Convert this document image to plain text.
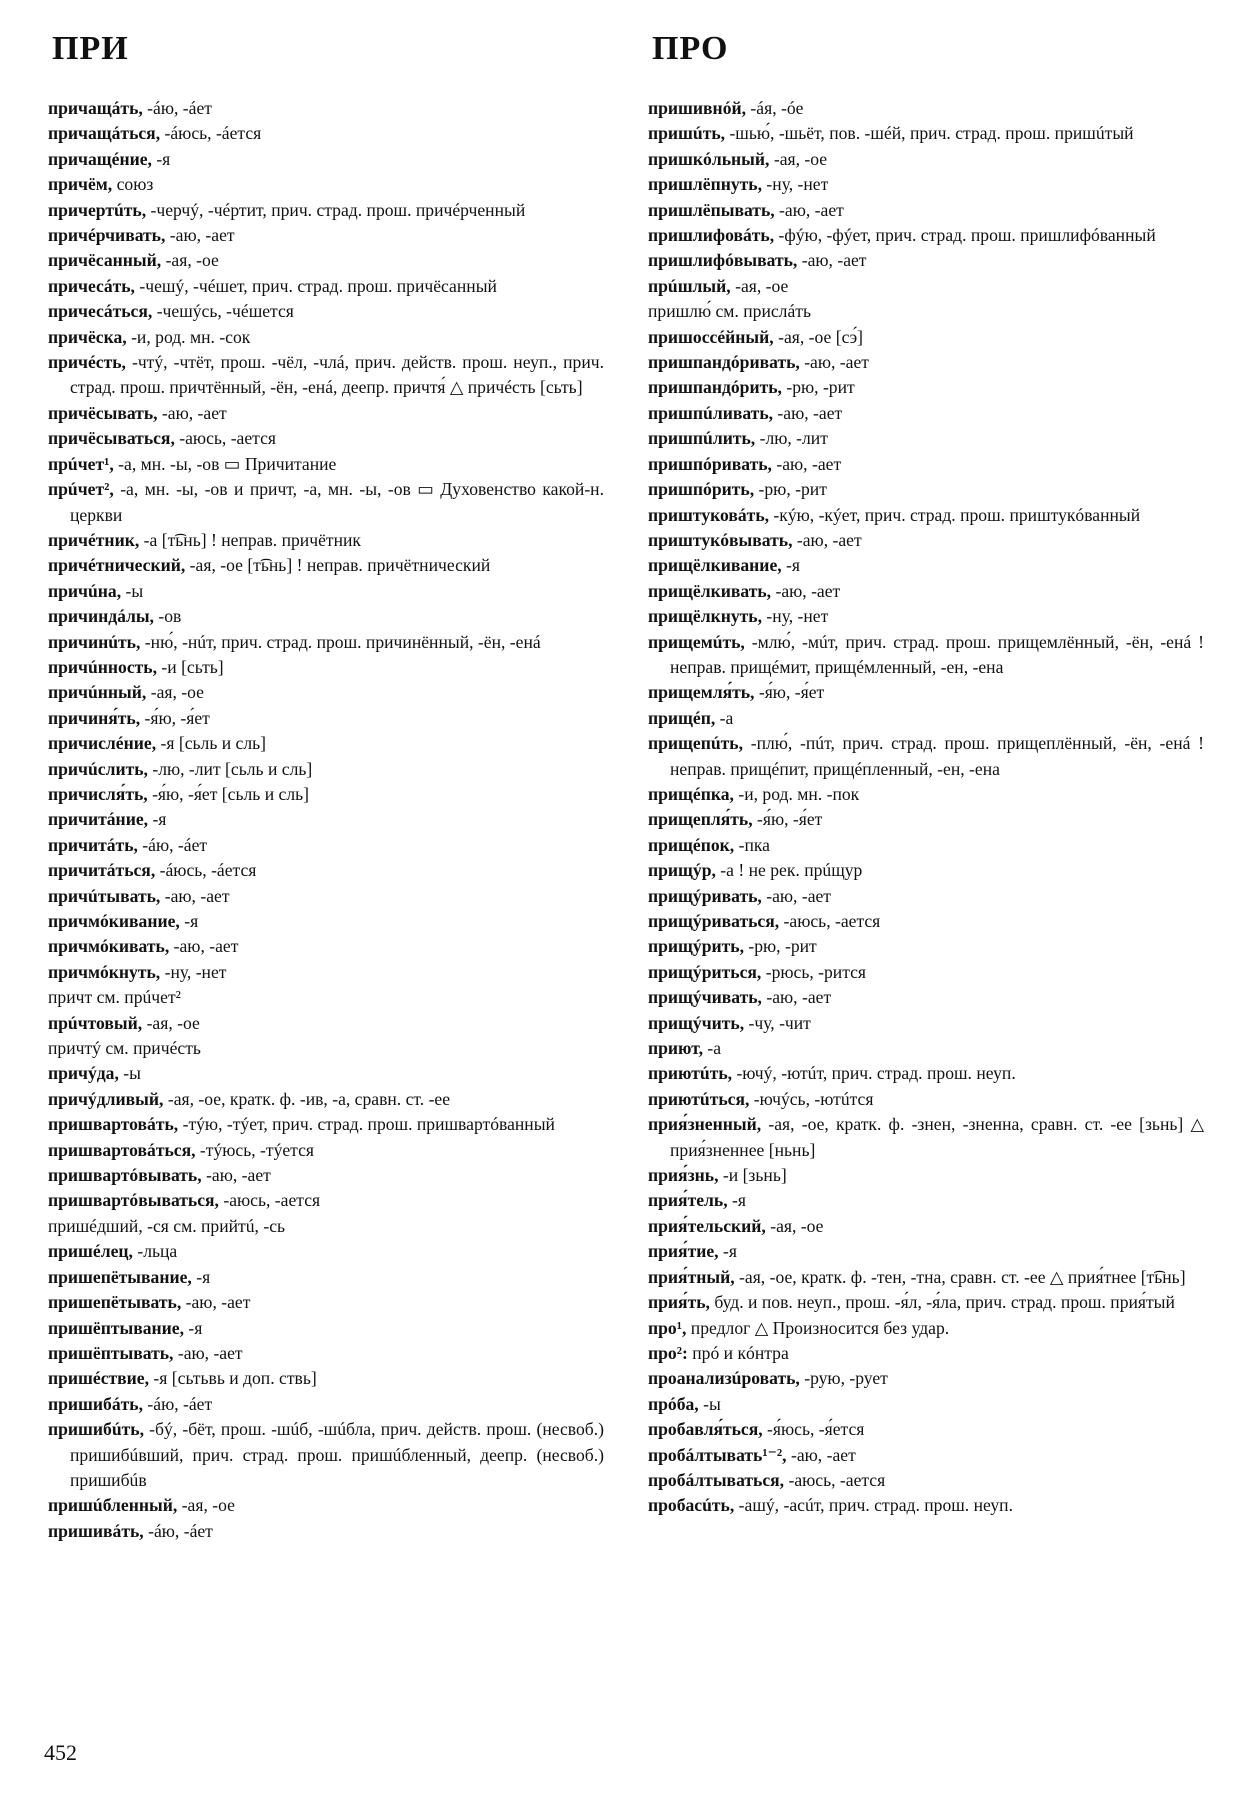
ПРИ	ПРО

причащáть, -áю, -áет

причащáться, -áюсь, -áется

причащéние, -я

причём, союз

причертúть, -черчý, -чéртит, прич. страд. прош. причéрченный

причéрчивать, -аю, -ает

причёсанный, -ая, -ое

причесáть, -чешý, -чéшет, прич. страд. прош. причёсанный

причесáться, -чешýсь, -чéшется

причёска, -и, род. мн. -сок

причéсть, -чтý, -чтёт, прош. -чёл, -члá, прич. действ. прош. неуп., прич. страд. прош. причтённый, -ён, -енá, деепр. причтя́ △ причéсть [сьть]

причёсывать, -аю, -ает

причёсываться, -аюсь, -ается

прúчет¹, -а, мн. -ы, -ов ▭ Причитание

прúчет², -а, мн. -ы, -ов и причт, -а, мн. -ы, -ов ▭ Духовенство какой-н. церкви

причéтник, -а [т͡ьнь] ! неправ. причётник

причéтнический, -ая, -ое [т͡ьнь] ! неправ. причётнический

причúна, -ы

причиндáлы, -ов

причинúть, -ню́, -нúт, прич. страд. прош. причинённый, -ён, -енá

причúнность, -и [сьть]

причúнный, -ая, -ое

причиня́ть, -я́ю, -я́ет

причислéние, -я [сьль и сль]

причúслить, -лю, -лит [сьль и сль]

причисля́ть, -я́ю, -я́ет [сьль и сль]

причитáние, -я

причитáть, -áю, -áет

причитáться, -áюсь, -áется

причúтывать, -аю, -ает

причмóкивание, -я

причмóкивать, -аю, -ает

причмóкнуть, -ну, -нет

причт см. прúчет²

прúчтовый, -ая, -ое

причтý см. причéсть

причýда, -ы

причýдливый, -ая, -ое, кратк. ф. -ив, -а, сравн. ст. -ее

пришвартовáть, -тýю, -тýет, прич. страд. прош. пришвартóванный

пришвартовáться, -тýюсь, -тýется

пришвартóвывать, -аю, -ает

пришвартóвываться, -аюсь, -ается

пришéдший, -ся см. прийтú, -сь

пришéлец, -льца

пришепётывание, -я

пришепётывать, -аю, -ает

пришёптывание, -я

пришёптывать, -аю, -ает

пришéствие, -я [сьтьвь и доп. ствь]

пришибáть, -áю, -áет

пришибúть, -бý, -бёт, прош. -шúб, -шúбла, прич. действ. прош. (несвоб.) пришибúвший, прич. страд. прош. пришúбленный, деепр. (несвоб.) пришибúв

пришúбленный, -ая, -ое

пришивáть, -áю, -áет

пришивнóй, -áя, -óе

пришúть, -шью́, -шьёт, пов. -шéй, прич. страд. прош. пришúтый

пришкóльный, -ая, -ое

пришлёпнуть, -ну, -нет

пришлёпывать, -аю, -ает

пришлифовáть, -фýю, -фýет, прич. страд. прош. пришлифóванный

пришлифóвывать, -аю, -ает

прúшлый, -ая, -ое

пришлю́ см. прислáть

пришоссéйный, -ая, -ое [сэ́]

пришпандóривать, -аю, -ает

пришпандóрить, -рю, -рит

пришпúливать, -аю, -ает

пришпúлить, -лю, -лит

пришпóривать, -аю, -ает

пришпóрить, -рю, -рит

приштуковáть, -кýю, -кýет, прич. страд. прош. приштукóванный

приштукóвывать, -аю, -ает

прищёлкивание, -я

прищёлкивать, -аю, -ает

прищёлкнуть, -ну, -нет

прищемúть, -млю́, -мúт, прич. страд. прош. прищемлённый, -ён, -енá ! неправ. прищéмит, прищéмленный, -ен, -ена

прищемля́ть, -я́ю, -я́ет

прищéп, -а

прищепúть, -плю́, -пúт, прич. страд. прош. прищеплённый, -ён, -енá ! неправ. прищéпит, прищéпленный, -ен, -ена

прищéпка, -и, род. мн. -пок

прищепля́ть, -я́ю, -я́ет

прищéпок, -пка

прищýр, -а ! не рек. прúщур

прищýривать, -аю, -ает

прищýриваться, -аюсь, -ается

прищýрить, -рю, -рит

прищýриться, -рюсь, -рится

прищýчивать, -аю, -ает

прищýчить, -чу, -чит

приют, -а

приютúть, -ючý, -ютúт, прич. страд. прош. неуп.

приютúться, -ючýсь, -ютúтся

прия́зненный, -ая, -ое, кратк. ф. -знен, -зненна, сравн. ст. -ее [зьнь] △ прия́зненнее [ньнь]

прия́знь, -и [зьнь]

прия́тель, -я

прия́тельский, -ая, -ое

прия́тие, -я

прия́тный, -ая, -ое, кратк. ф. -тен, -тна, сравн. ст. -ее △ прия́тнее [т͡ьнь]

прия́ть, буд. и пов. неуп., прош. -я́л, -я́ла, прич. страд. прош. прия́тый

про¹, предлог △ Произносится без удар.

про²: прó и кóнтра

проанализúровать, -рую, -рует

прóба, -ы

пробавля́ться, -я́юсь, -я́ется

пробáлтывать¹⁻², -аю, -ает

пробáлтываться, -аюсь, -ается

пробасúть, -ашý, -асúт, прич. страд. прош. неуп.

452
